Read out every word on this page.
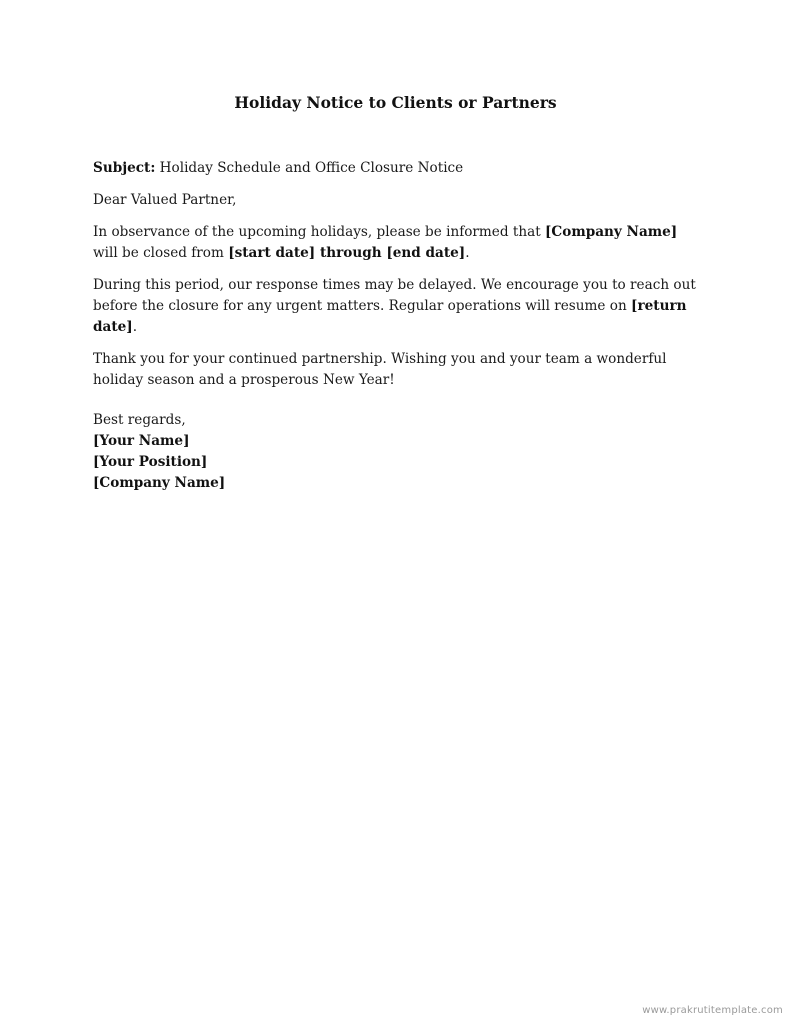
Holiday Notice to Clients or Partners

Subject: Holiday Schedule and Office Closure Notice

Dear Valued Partner,

In observance of the upcoming holidays, please be informed that [Company Name] will be closed from [start date] through [end date].

During this period, our response times may be delayed. We encourage you to reach out before the closure for any urgent matters. Regular operations will resume on [return date].

Thank you for your continued partnership. Wishing you and your team a wonderful holiday season and a prosperous New Year!

Best regards,
[Your Name]
[Your Position]
[Company Name]
www.prakrutitemplate.com
